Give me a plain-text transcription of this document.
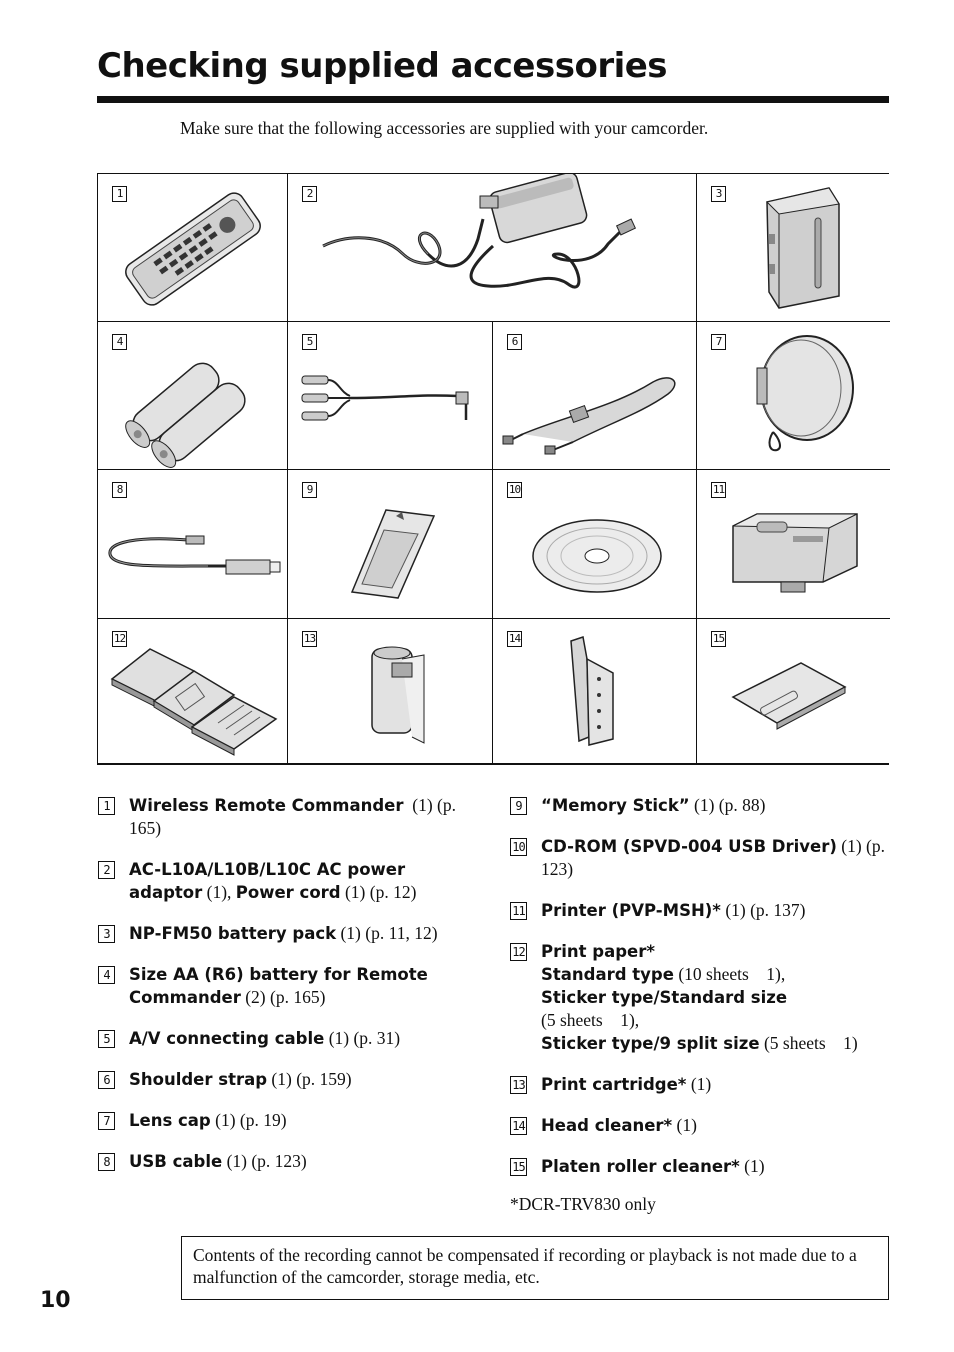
Checking supplied accessories
Make sure that the following accessories are supplied with your camcorder.
1	2	3
4	5	6	7
8	9	10	11
12	13	14	15
1	Wireless Remote Commander  (1) (p. 165)
2	AC-L10A/L10B/L10C AC power adaptor (1), Power cord (1) (p. 12)
3	NP-FM50 battery pack (1) (p. 11, 12)
4	Size AA (R6) battery for Remote Commander (2) (p. 165)
5	A/V connecting cable (1) (p. 31)
6	Shoulder strap (1) (p. 159)
7	Lens cap (1) (p. 19)
8	USB cable (1) (p. 123)
9	“Memory Stick” (1) (p. 88)
10 CD-ROM (SPVD-004 USB Driver) (1) (p. 123)
11 Printer (PVP-MSH)* (1) (p. 137)
12 Print paper*
Standard type (10 sheets    1),
Sticker type/Standard size
(5 sheets    1),
Sticker type/9 split size (5 sheets    1)
13 Print cartridge* (1)
14 Head cleaner* (1)
15 Platen roller cleaner* (1)
*DCR-TRV830 only
Contents of the recording cannot be compensated if recording or playback is not made due to a malfunction of the camcorder, storage media, etc.
10
